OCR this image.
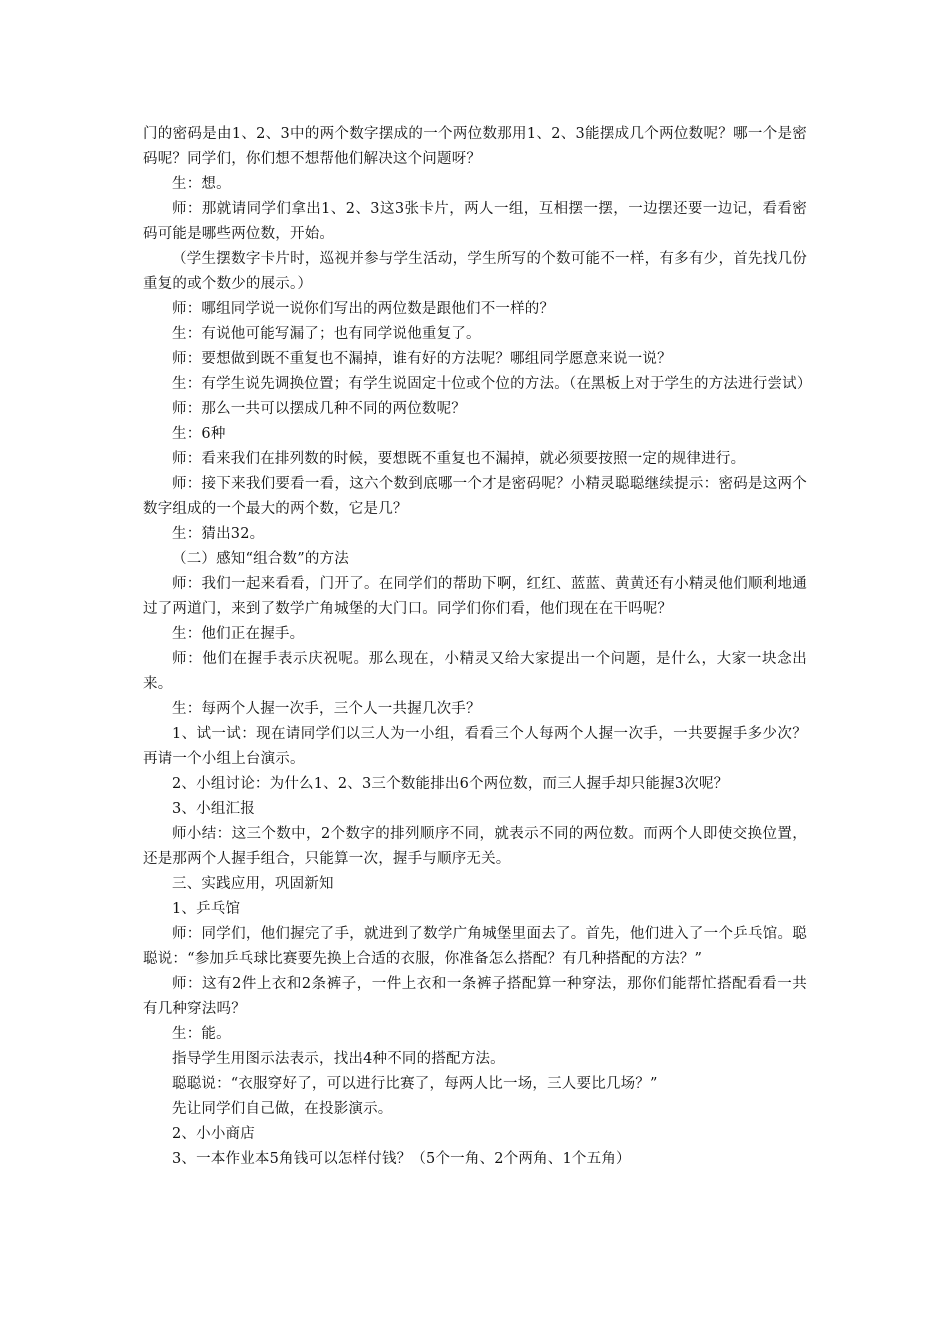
门的密码是由1、2、3中的两个数字摆成的一个两位数那用1、2、3能摆成几个两位数呢？哪一个是密码呢？同学们，你们想不想帮他们解决这个问题呀？

生：想。

师：那就请同学们拿出1、2、3这3张卡片，两人一组，互相摆一摆，一边摆还要一边记，看看密码可能是哪些两位数，开始。

（学生摆数字卡片时，巡视并参与学生活动，学生所写的个数可能不一样，有多有少，首先找几份重复的或个数少的展示。）

师：哪组同学说一说你们写出的两位数是跟他们不一样的？

生：有说他可能写漏了；也有同学说他重复了。

师：要想做到既不重复也不漏掉，谁有好的方法呢？哪组同学愿意来说一说？

生：有学生说先调换位置；有学生说固定十位或个位的方法。（在黑板上对于学生的方法进行尝试）

师：那么一共可以摆成几种不同的两位数呢？

生：6种

师：看来我们在排列数的时候，要想既不重复也不漏掉，就必须要按照一定的规律进行。

师：接下来我们要看一看，这六个数到底哪一个才是密码呢？小精灵聪聪继续提示：密码是这两个数字组成的一个最大的两个数，它是几？

生：猜出32。

（二）感知“组合数”的方法

师：我们一起来看看，门开了。在同学们的帮助下啊，红红、蓝蓝、黄黄还有小精灵他们顺利地通过了两道门，来到了数学广角城堡的大门口。同学们你们看，他们现在在干吗呢？

生：他们正在握手。

师：他们在握手表示庆祝呢。那么现在，小精灵又给大家提出一个问题，是什么，大家一块念出来。

生：每两个人握一次手，三个人一共握几次手？

1、试一试：现在请同学们以三人为一小组，看看三个人每两个人握一次手，一共要握手多少次？再请一个小组上台演示。

2、小组讨论：为什么1、2、3三个数能排出6个两位数，而三人握手却只能握3次呢？

3、小组汇报

师小结：这三个数中，2个数字的排列顺序不同，就表示不同的两位数。而两个人即使交换位置，还是那两个人握手组合，只能算一次，握手与顺序无关。

三、实践应用，巩固新知

1、乒乓馆

师：同学们，他们握完了手，就进到了数学广角城堡里面去了。首先，他们进入了一个乒乓馆。聪聪说：“参加乒乓球比赛要先换上合适的衣服，你准备怎么搭配？有几种搭配的方法？”

师：这有2件上衣和2条裤子，一件上衣和一条裤子搭配算一种穿法，那你们能帮忙搭配看看一共有几种穿法吗？

生：能。

指导学生用图示法表示，找出4种不同的搭配方法。

聪聪说：“衣服穿好了，可以进行比赛了，每两人比一场，三人要比几场？”

先让同学们自己做，在投影演示。

2、小小商店

3、一本作业本5角钱可以怎样付钱？（5个一角、2个两角、1个五角）
